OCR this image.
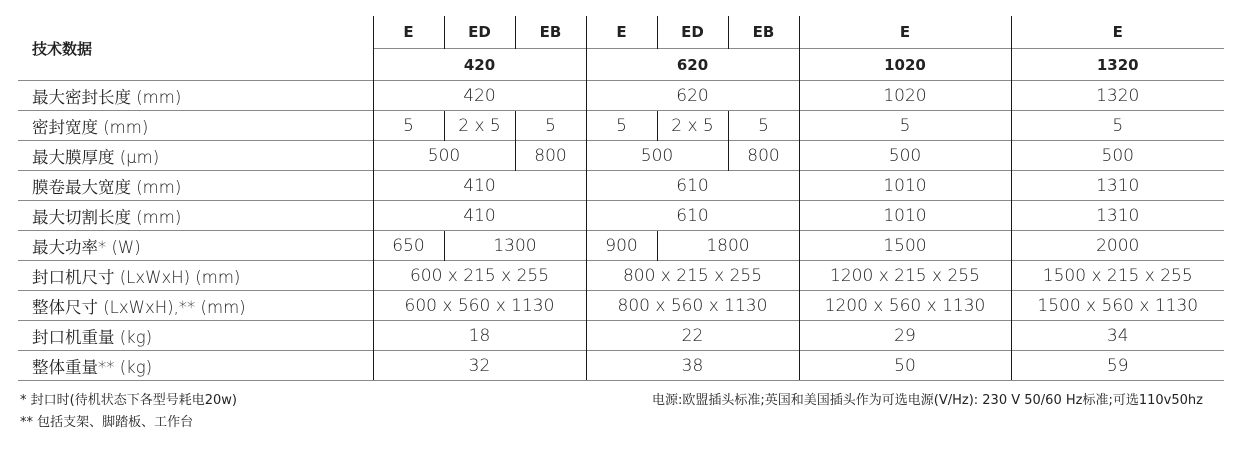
技术数据	E	ED	EB	E	ED	EB	E	E
	420			620			1020	1320
最大密封长度 (mm)	420			620			1020	1320
密封宽度 (mm)	5	2 x 5	5	5	2 x 5	5	5	5
最大膜厚度 (µm)	500		800	500		800	500	500
膜卷最大宽度 (mm)	410			610			1010	1310
最大切割长度 (mm)	410			610			1010	1310
最大功率* (W)	650	1300		900	1800		1500	2000
封口机尺寸 (LxWxH) (mm)	600 x 215 x 255			800 x 215 x 255			1200 x 215 x 255	1500 x 215 x 255
整体尺寸 (LxWxH),** (mm)	600 x 560 x 1130			800 x 560 x 1130			1200 x 560 x 1130	1500 x 560 x 1130
封口机重量 (kg)	18			22			29	34
整体重量** (kg)	32			38			50	59
* 封口时(待机状态下各型号耗电20w)
** 包括支架、脚踏板、工作台
电源:欧盟插头标准;英国和美国插头作为可选电源(V/Hz): 230 V 50/60 Hz标准;可选110v50hz
